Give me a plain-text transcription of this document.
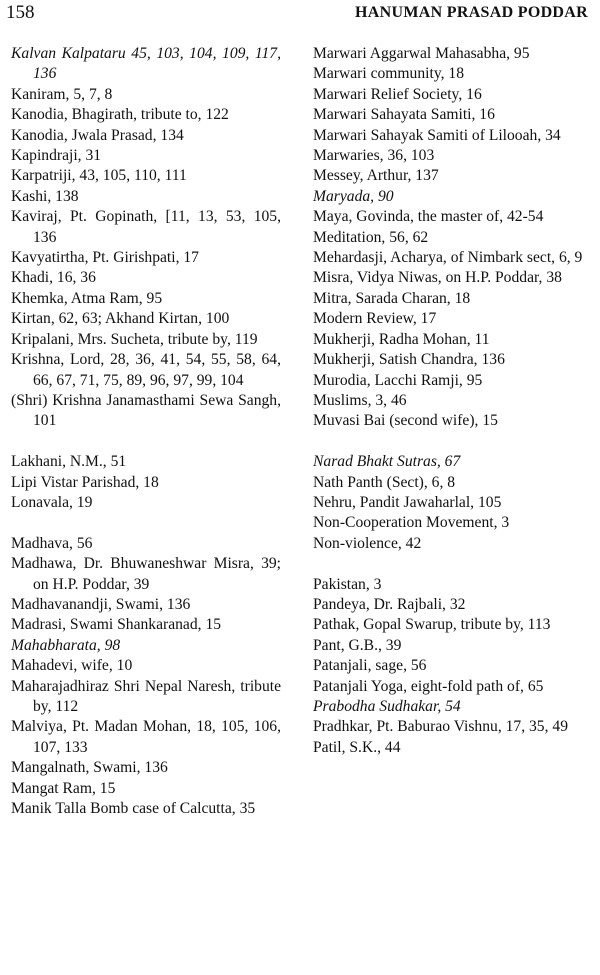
158	HANUMAN PRASAD PODDAR
Kalvan Kalpataru 45, 103, 104, 109, 117, 136
Kaniram, 5, 7, 8
Kanodia, Bhagirath, tribute to, 122
Kanodia, Jwala Prasad, 134
Kapindraji, 31
Karpatriji, 43, 105, 110, 111
Kashi, 138
Kaviraj, Pt. Gopinath, [11, 13, 53, 105, 136
Kavyatirtha, Pt. Girishpati, 17
Khadi, 16, 36
Khemka, Atma Ram, 95
Kirtan, 62, 63; Akhand Kirtan, 100
Kripalani, Mrs. Sucheta, tribute by, 119
Krishna, Lord, 28, 36, 41, 54, 55, 58, 64, 66, 67, 71, 75, 89, 96, 97, 99, 104
(Shri) Krishna Janamasthami Sewa Sangh, 101
Lakhani, N.M., 51
Lipi Vistar Parishad, 18
Lonavala, 19
Madhava, 56
Madhawa, Dr. Bhuwaneshwar Misra, 39; on H.P. Poddar, 39
Madhavanandji, Swami, 136
Madrasi, Swami Shankaranad, 15
Mahabharata, 98
Mahadevi, wife, 10
Maharajadhiraz Shri Nepal Naresh, tribute by, 112
Malviya, Pt. Madan Mohan, 18, 105, 106, 107, 133
Mangalnath, Swami, 136
Mangat Ram, 15
Manik Talla Bomb case of Calcutta, 35
Marwari Aggarwal Mahasabha, 95
Marwari community, 18
Marwari Relief Society, 16
Marwari Sahayata Samiti, 16
Marwari Sahayak Samiti of Lilooah, 34
Marwaries, 36, 103
Messey, Arthur, 137
Maryada, 90
Maya, Govinda, the master of, 42-54
Meditation, 56, 62
Mehardasji, Acharya, of Nimbark sect, 6, 9
Misra, Vidya Niwas, on H.P. Poddar, 38
Mitra, Sarada Charan, 18
Modern Review, 17
Mukherji, Radha Mohan, 11
Mukherji, Satish Chandra, 136
Murodia, Lacchi Ramji, 95
Muslims, 3, 46
Muvasi Bai (second wife), 15
Narad Bhakt Sutras, 67
Nath Panth (Sect), 6, 8
Nehru, Pandit Jawaharlal, 105
Non-Cooperation Movement, 3
Non-violence, 42
Pakistan, 3
Pandeya, Dr. Rajbali, 32
Pathak, Gopal Swarup, tribute by, 113
Pant, G.B., 39
Patanjali, sage, 56
Patanjali Yoga, eight-fold path of, 65
Prabodha Sudhakar, 54
Pradhkar, Pt. Baburao Vishnu, 17, 35, 49
Patil, S.K., 44
